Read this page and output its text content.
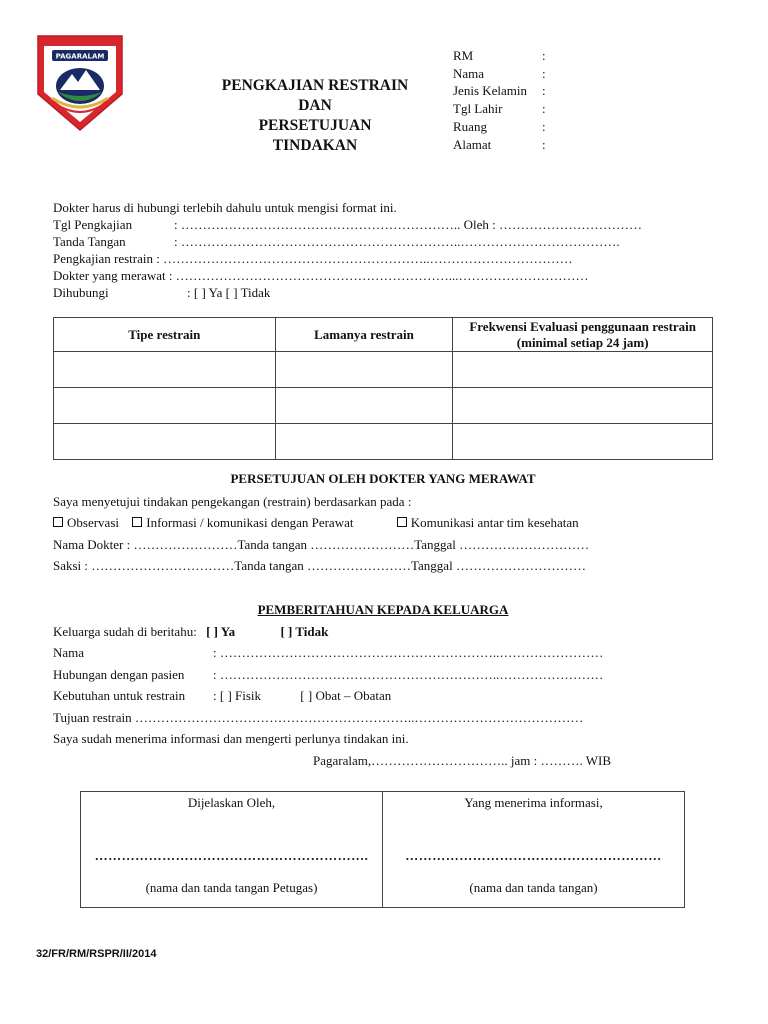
PAGARALAM
PENGKAJIAN RESTRAIN
DAN
PERSETUJUAN
TINDAKAN
RM	:
Nama	:
Jenis Kelamin	:
Tgl Lahir	:
Ruang	:
Alamat	:
Dokter harus di hubungi terlebih dahulu untuk mengisi format ini.
Tgl Pengkajian	: ……………………………………………………….. Oleh : ……………………………
Tanda Tangan	: ………………………………………………………..……………………………….
Pengkajian restrain : ……………………………………………………..……………………………
Dokter yang merawat : ………………………………………………………...…………………………
Dihubungi	: [ ] Ya [ ] Tidak
Tipe restrain	Lamanya restrain	Frekwensi Evaluasi penggunaan restrain (minimal setiap 24 jam)

PERSETUJUAN OLEH DOKTER YANG MERAWAT
Saya menyetujui tindakan pengekangan (restrain) berdasarkan pada :
Observasi Informasi / komunikasi dengan Perawat	Komunikasi antar tim kesehatan
Nama Dokter : ……………………Tanda tangan ……………………Tanggal …………………………
Saksi : ……………………………Tanda tangan ……………………Tanggal …………………………
PEMBERITAHUAN KEPADA KELUARGA
Keluarga sudah di beritahu: [ ] Ya	[ ] Tidak
Nama	: ………………………………………………………..……………………
Hubungan dengan pasien : ………………………………………………………..……………………
Kebutuhan untuk restrain : [ ] Fisik	[ ] Obat – Obatan
Tujuan restrain ………………………………………………………..…………………………………
Saya sudah menerima informasi dan mengerti perlunya tindakan ini.
Pagaralam,………………………….. jam : ………. WIB
Dijelaskan Oleh,
…………………………………………………….
(nama dan tanda tangan Petugas)

Yang menerima informasi,
…………………………………………………
(nama dan tanda tangan)
32/FR/RM/RSPR/II/2014
